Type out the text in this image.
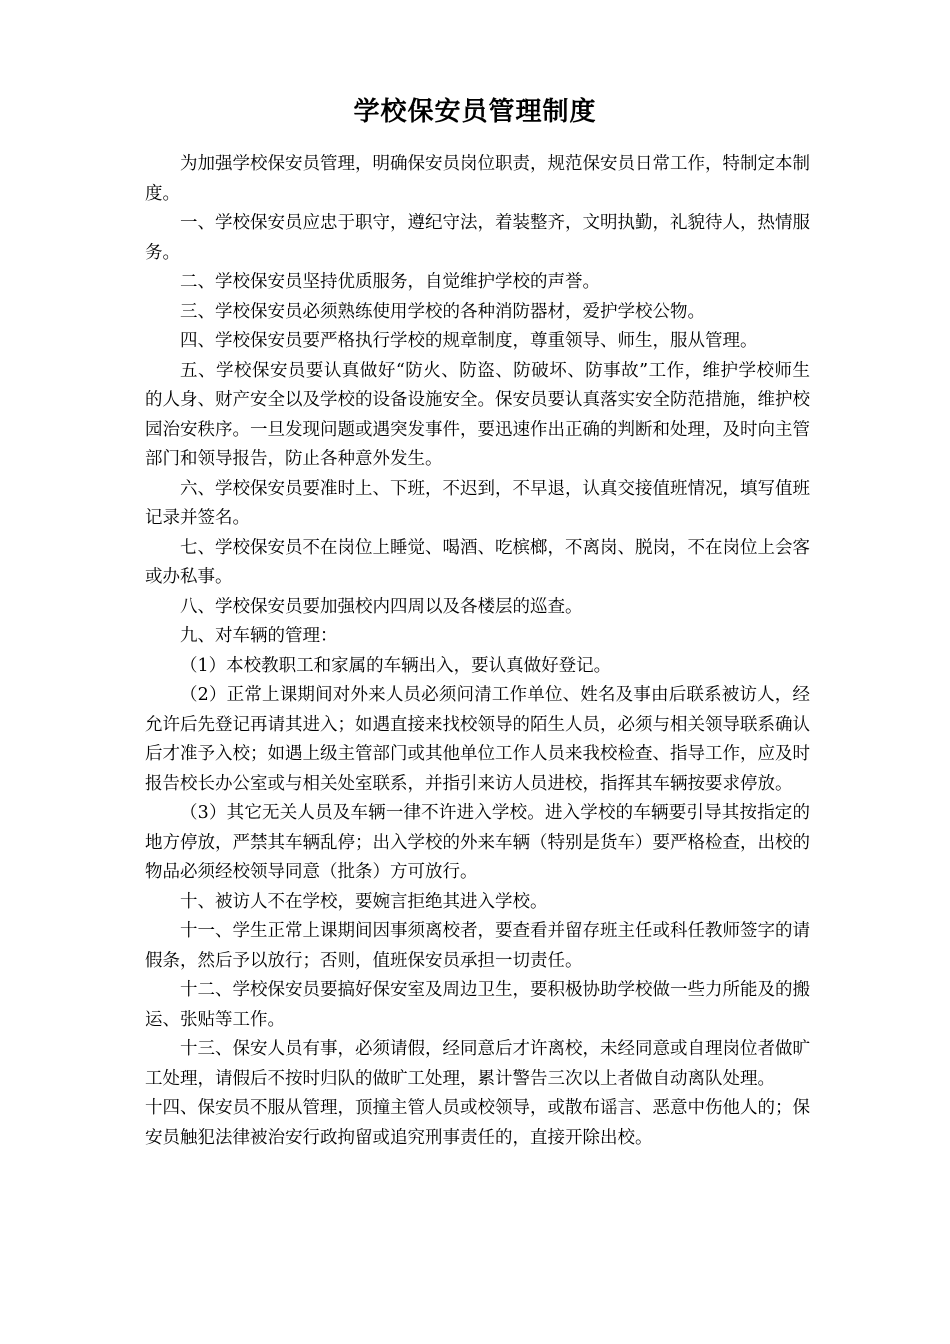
学校保安员管理制度

为加强学校保安员管理，明确保安员岗位职责，规范保安员日常工作，特制定本制度。

一、学校保安员应忠于职守，遵纪守法，着装整齐，文明执勤，礼貌待人，热情服务。

二、学校保安员坚持优质服务，自觉维护学校的声誉。

三、学校保安员必须熟练使用学校的各种消防器材，爱护学校公物。

四、学校保安员要严格执行学校的规章制度，尊重领导、师生，服从管理。

五、学校保安员要认真做好“防火、防盗、防破坏、防事故”工作，维护学校师生的人身、财产安全以及学校的设备设施安全。保安员要认真落实安全防范措施，维护校园治安秩序。一旦发现问题或遇突发事件，要迅速作出正确的判断和处理，及时向主管部门和领导报告，防止各种意外发生。

六、学校保安员要准时上、下班，不迟到，不早退，认真交接值班情况，填写值班记录并签名。

七、学校保安员不在岗位上睡觉、喝酒、吃槟榔，不离岗、脱岗，不在岗位上会客或办私事。

八、学校保安员要加强校内四周以及各楼层的巡查。

九、对车辆的管理：

（1）本校教职工和家属的车辆出入，要认真做好登记。

（2）正常上课期间对外来人员必须问清工作单位、姓名及事由后联系被访人，经允许后先登记再请其进入；如遇直接来找校领导的陌生人员，必须与相关领导联系确认后才准予入校；如遇上级主管部门或其他单位工作人员来我校检查、指导工作，应及时报告校长办公室或与相关处室联系，并指引来访人员进校，指挥其车辆按要求停放。

（3）其它无关人员及车辆一律不许进入学校。进入学校的车辆要引导其按指定的地方停放，严禁其车辆乱停；出入学校的外来车辆（特别是货车）要严格检查，出校的物品必须经校领导同意（批条）方可放行。

十、被访人不在学校，要婉言拒绝其进入学校。

十一、学生正常上课期间因事须离校者，要查看并留存班主任或科任教师签字的请假条，然后予以放行；否则，值班保安员承担一切责任。

十二、学校保安员要搞好保安室及周边卫生，要积极协助学校做一些力所能及的搬运、张贴等工作。

十三、保安人员有事，必须请假，经同意后才许离校，未经同意或自理岗位者做旷工处理，请假后不按时归队的做旷工处理，累计警告三次以上者做自动离队处理。

十四、保安员不服从管理，顶撞主管人员或校领导，或散布谣言、恶意中伤他人的；保安员触犯法律被治安行政拘留或追究刑事责任的，直接开除出校。
